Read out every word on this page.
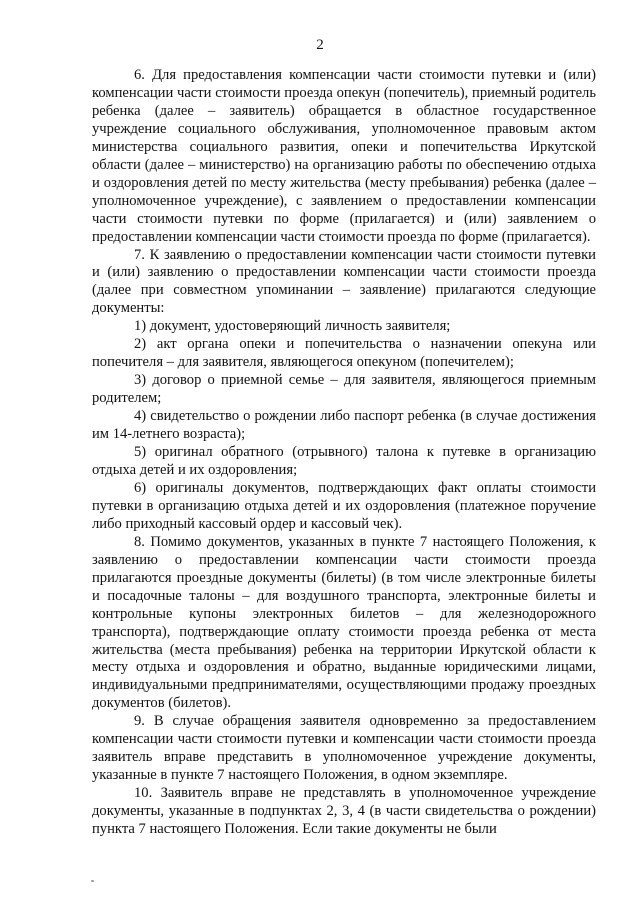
2

6. Для предоставления компенсации части стоимости путевки и (или) компенсации части стоимости проезда опекун (попечитель), приемный родитель ребенка (далее – заявитель) обращается в областное государственное учреждение социального обслуживания, уполномоченное правовым актом министерства социального развития, опеки и попечительства Иркутской области (далее – министерство) на организацию работы по обеспечению отдыха и оздоровления детей по месту жительства (месту пребывания) ребенка (далее – уполномоченное учреждение), с заявлением о предоставлении компенсации части стоимости путевки по форме (прилагается) и (или) заявлением о предоставлении компенсации части стоимости проезда по форме (прилагается).

7. К заявлению о предоставлении компенсации части стоимости путевки и (или) заявлению о предоставлении компенсации части стоимости проезда (далее при совместном упоминании – заявление) прилагаются следующие документы:

1) документ, удостоверяющий личность заявителя;

2) акт органа опеки и попечительства о назначении опекуна или попечителя – для заявителя, являющегося опекуном (попечителем);

3) договор о приемной семье – для заявителя, являющегося приемным родителем;

4) свидетельство о рождении либо паспорт ребенка (в случае достижения им 14-летнего возраста);

5) оригинал обратного (отрывного) талона к путевке в организацию отдыха детей и их оздоровления;

6) оригиналы документов, подтверждающих факт оплаты стоимости путевки в организацию отдыха детей и их оздоровления (платежное поручение либо приходный кассовый ордер и кассовый чек).

8. Помимо документов, указанных в пункте 7 настоящего Положения, к заявлению о предоставлении компенсации части стоимости проезда прилагаются проездные документы (билеты) (в том числе электронные билеты и посадочные талоны – для воздушного транспорта, электронные билеты и контрольные купоны электронных билетов – для железнодорожного транспорта), подтверждающие оплату стоимости проезда ребенка от места жительства (места пребывания) ребенка на территории Иркутской области к месту отдыха и оздоровления и обратно, выданные юридическими лицами, индивидуальными предпринимателями, осуществляющими продажу проездных документов (билетов).

9. В случае обращения заявителя одновременно за предоставлением компенсации части стоимости путевки и компенсации части стоимости проезда заявитель вправе представить в уполномоченное учреждение документы, указанные в пункте 7 настоящего Положения, в одном экземпляре.

10. Заявитель вправе не представлять в уполномоченное учреждение документы, указанные в подпунктах 2, 3, 4 (в части свидетельства о рождении) пункта 7 настоящего Положения. Если такие документы не были
